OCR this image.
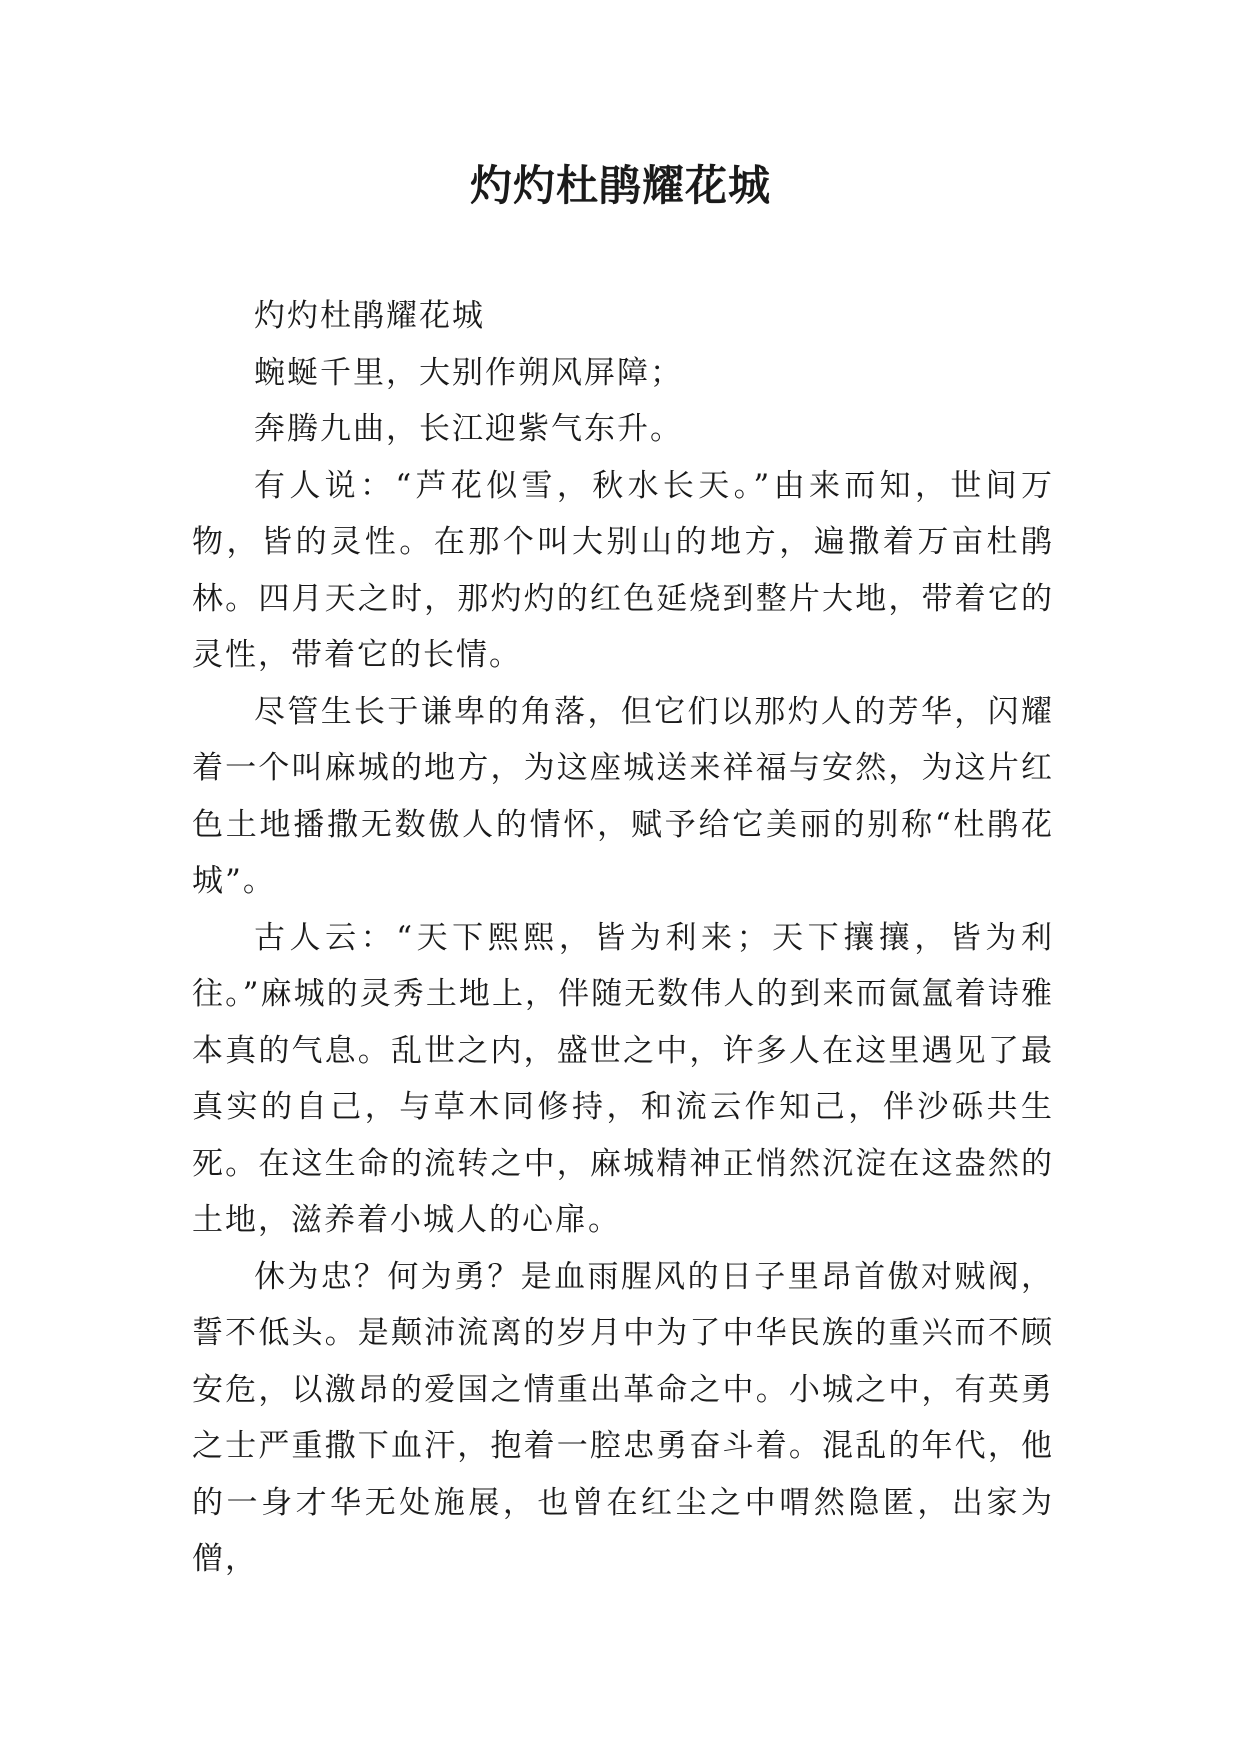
灼灼杜鹃耀花城

灼灼杜鹃耀花城

蜿蜒千里，大别作朔风屏障；

奔腾九曲，长江迎紫气东升。

有人说：“芦花似雪，秋水长天。”由来而知，世间万物，皆的灵性。在那个叫大别山的地方，遍撒着万亩杜鹃林。四月天之时，那灼灼的红色延烧到整片大地，带着它的灵性，带着它的长情。

尽管生长于谦卑的角落，但它们以那灼人的芳华，闪耀着一个叫麻城的地方，为这座城送来祥福与安然，为这片红色土地播撒无数傲人的情怀，赋予给它美丽的别称“杜鹃花城”。

古人云：“天下熙熙，皆为利来；天下攘攘，皆为利往。”麻城的灵秀土地上，伴随无数伟人的到来而氤氲着诗雅本真的气息。乱世之内，盛世之中，许多人在这里遇见了最真实的自己，与草木同修持，和流云作知己，伴沙砾共生死。在这生命的流转之中，麻城精神正悄然沉淀在这盎然的土地，滋养着小城人的心扉。

休为忠？何为勇？是血雨腥风的日子里昂首傲对贼阀，誓不低头。是颠沛流离的岁月中为了中华民族的重兴而不顾安危，以激昂的爱国之情重出革命之中。小城之中，有英勇之士严重撒下血汗，抱着一腔忠勇奋斗着。混乱的年代，他的一身才华无处施展，也曾在红尘之中喟然隐匿，出家为僧，
